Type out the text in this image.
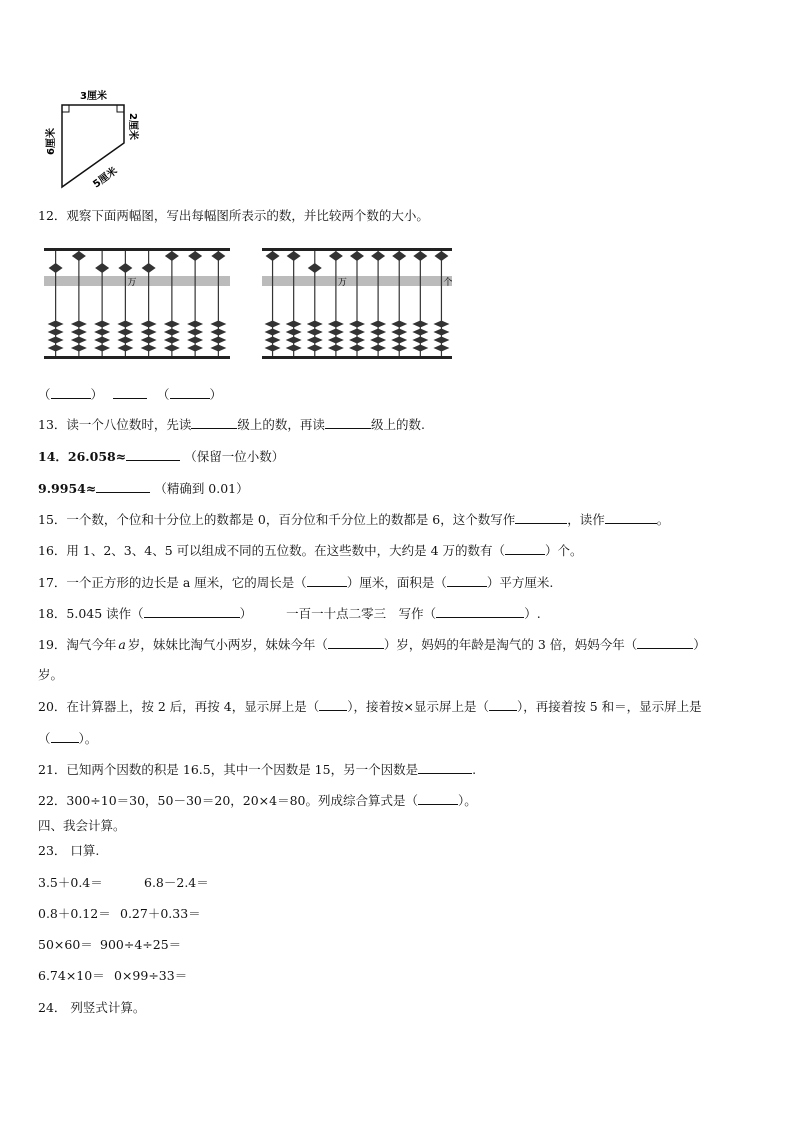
3厘米
6厘米
2厘米
5厘米
12．观察下面两幅图，写出每幅图所表示的数，并比较两个数的大小。
万	万	个
（	）	（	）
13．读一个八位数时，先读	级上的数，再读	级上的数.
14．26.058≈	（保留一位小数）
9.9954≈	（精确到 0.01）
15．一个数，个位和十分位上的数都是 0，百分位和千分位上的数都是 6，这个数写作	，读作	。
16．用 1、2、3、4、5 可以组成不同的五位数。在这些数中，大约是 4 万的数有（	）个。
17．一个正方形的边长是 a 厘米，它的周长是（	）厘米，面积是（	）平方厘米.
18．5.045 读作（	）	一百一十点二零三　写作（	）.
19．淘气今年 a 岁，妹妹比淘气小两岁，妹妹今年（	）岁，妈妈的年龄是淘气的 3 倍，妈妈今年（	）
岁。
20．在计算器上，按 2 后，再按 4，显示屏上是（ ），接着按×显示屏上是（ ），再接着按 5 和＝，显示屏上是
（ ）。
21．已知两个因数的积是 16.5，其中一个因数是 15，另一个因数是	.
22．300÷10＝30，50－30＝20，20×4＝80。列成综合算式是（	）。
四、我会计算。
23． 口算.
3.5＋0.4＝	6.8－2.4＝
0.8＋0.12＝ 0.27＋0.33＝
50×60＝ 900÷4÷25＝
6.74×10＝ 0×99÷33＝
24． 列竖式计算。
